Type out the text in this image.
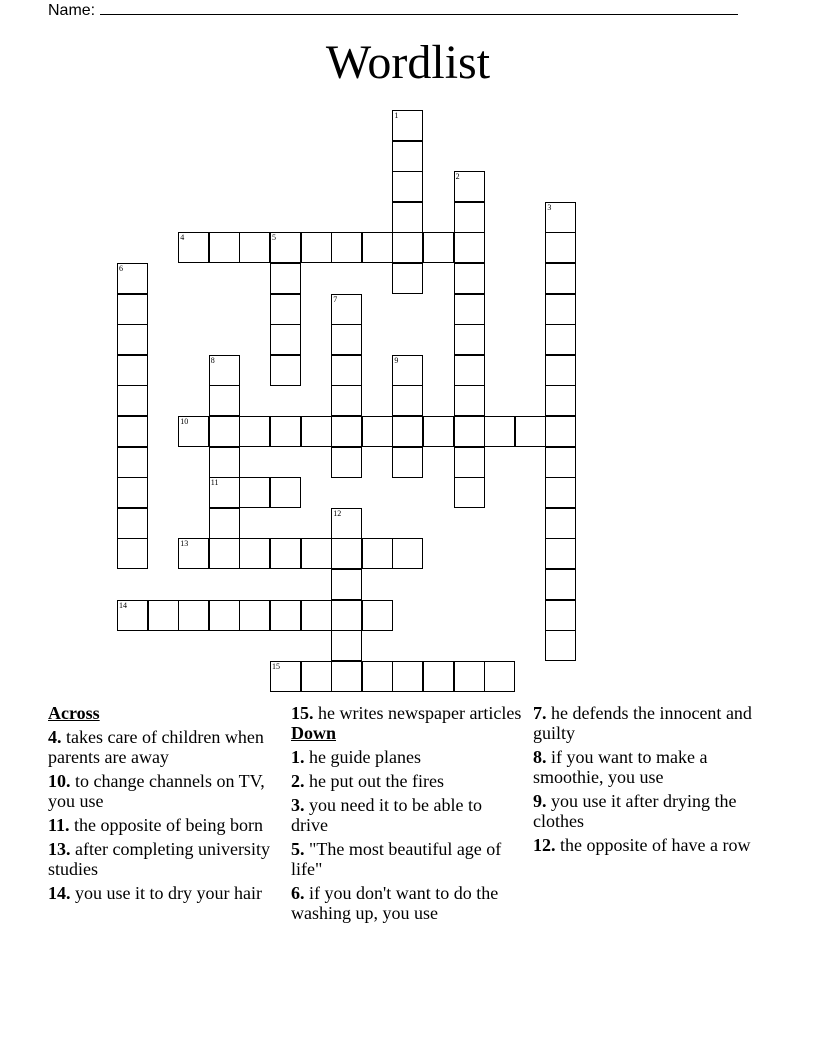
Name:
Wordlist
1
2
3
4	5
6
7
8
11
9
10
12
13
14
15
Across
4. takes care of children when parents are away
10. to change channels on TV, you use
11. the opposite of being born
13. after completing university studies
14. you use it to dry your hair
15. he writes newspaper articles
Down
1. he guide planes
2. he put out the fires
3. you need it to be able to drive
5. "The most beautiful age of life"
6. if you don't want to do the washing up, you use
7. he defends the innocent and guilty
8. if you want to make a smoothie, you use
9. you use it after drying the clothes
12. the opposite of have a row
